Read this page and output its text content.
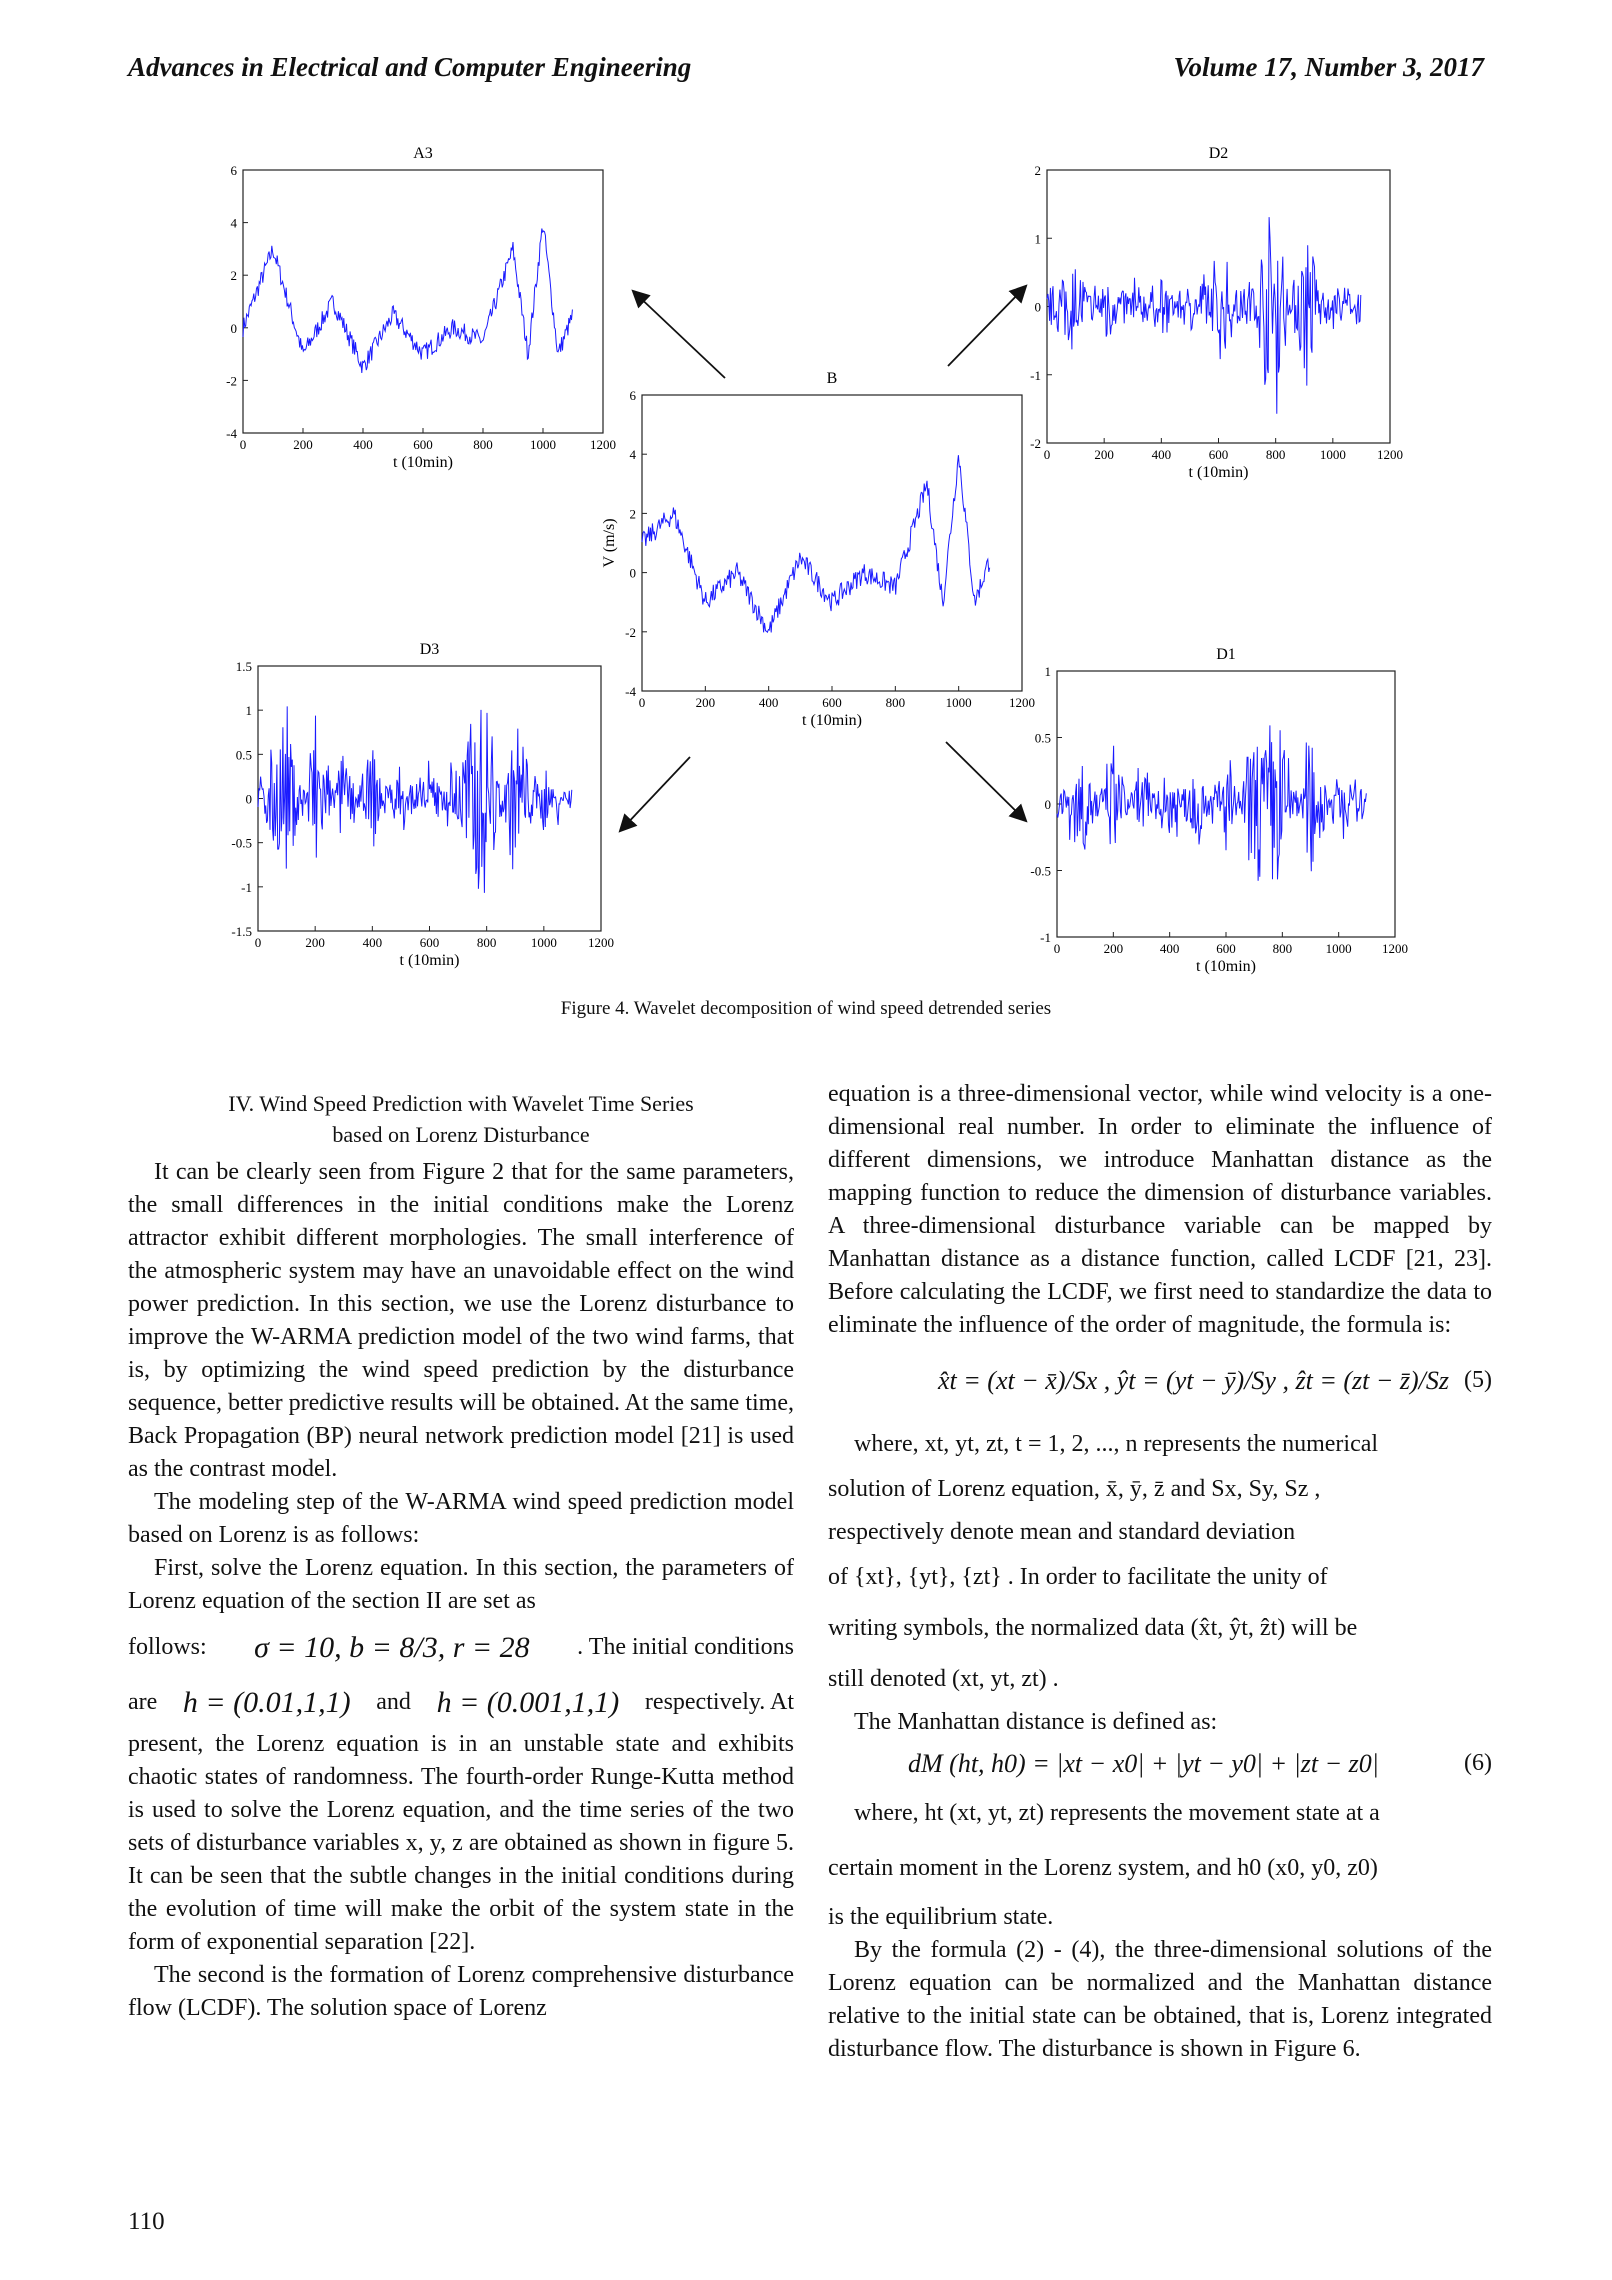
Advances in Electrical and Computer Engineering	Volume 17, Number 3, 2017
A3
6
4
2
0
-2
-4
0	200	400	600	800	1000	1200
t (10min)
D2
2
1
0
-1
-2
0	200	400	600	800	1000 1200
t (10min)
B
6
4
2
0
-2
-4
0	200	400	600	800	1000	1200
t (10min)
V (m/s)
D3
1.5
1
0.5
0
-0.5
-1
-1.5
0	200	400	600	800	1000 1200
t (10min)
D1
1
0.5
0
-0.5
-1
0	200	400	600	800	1000 1200
t (10min)
Figure 4. Wavelet decomposition of wind speed detrended series
IV. Wind Speed Prediction with Wavelet Time Series
based on Lorenz Disturbance

It can be clearly seen from Figure 2 that for the same parameters, the small differences in the initial conditions make the Lorenz attractor exhibit different morphologies. The small interference of the atmospheric system may have an unavoidable effect on the wind power prediction. In this section, we use the Lorenz disturbance to improve the W-ARMA prediction model of the two wind farms, that is, by optimizing the wind speed prediction by the disturbance sequence, better predictive results will be obtained. At the same time, Back Propagation (BP) neural network prediction model [21] is used as the contrast model.

The modeling step of the W-ARMA wind speed prediction model based on Lorenz is as follows:

First, solve the Lorenz equation. In this section, the parameters of Lorenz equation of the section II are set as

follows: σ = 10, b = 8/3, r = 28 . The initial conditions
are h = (0.01,1,1) and h = (0.001,1,1) respectively. At

present, the Lorenz equation is in an unstable state and exhibits chaotic states of randomness. The fourth-order Runge-Kutta method is used to solve the Lorenz equation, and the time series of the two sets of disturbance variables x, y, z are obtained as shown in figure 5. It can be seen that the subtle changes in the initial conditions during the evolution of time will make the orbit of the system state in the form of exponential separation [22].

The second is the formation of Lorenz comprehensive disturbance flow (LCDF). The solution space of Lorenz

equation is a three-dimensional vector, while wind velocity is a one-dimensional real number. In order to eliminate the influence of different dimensions, we introduce Manhattan distance as the mapping function to reduce the dimension of disturbance variables. A three-dimensional disturbance variable can be mapped by Manhattan distance as a distance function, called LCDF [21, 23]. Before calculating the LCDF, we first need to standardize the data to eliminate the influence of the order of magnitude, the formula is:

x̂t = (xt − x̄)/Sx , ŷt = (yt − ȳ)/Sy , ẑt = (zt − z̄)/Sz (5)

where, xt, yt, zt, t = 1, 2, ..., n represents the numerical

solution of Lorenz equation, x̄, ȳ, z̄ and Sx, Sy, Sz ,

respectively denote mean and standard deviation

of {xt}, {yt}, {zt} . In order to facilitate the unity of

writing symbols, the normalized data (x̂t, ŷt, ẑt) will be

still denoted (xt, yt, zt) .

The Manhattan distance is defined as:

dM (ht, h0) = |xt − x0| + |yt − y0| + |zt − z0|	(6)

where, ht (xt, yt, zt) represents the movement state at a

certain moment in the Lorenz system, and h0 (x0, y0, z0)

is the equilibrium state.

By the formula (2) - (4), the three-dimensional solutions of the Lorenz equation can be normalized and the Manhattan distance relative to the initial state can be obtained, that is, Lorenz integrated disturbance flow. The disturbance is shown in Figure 6.

110
